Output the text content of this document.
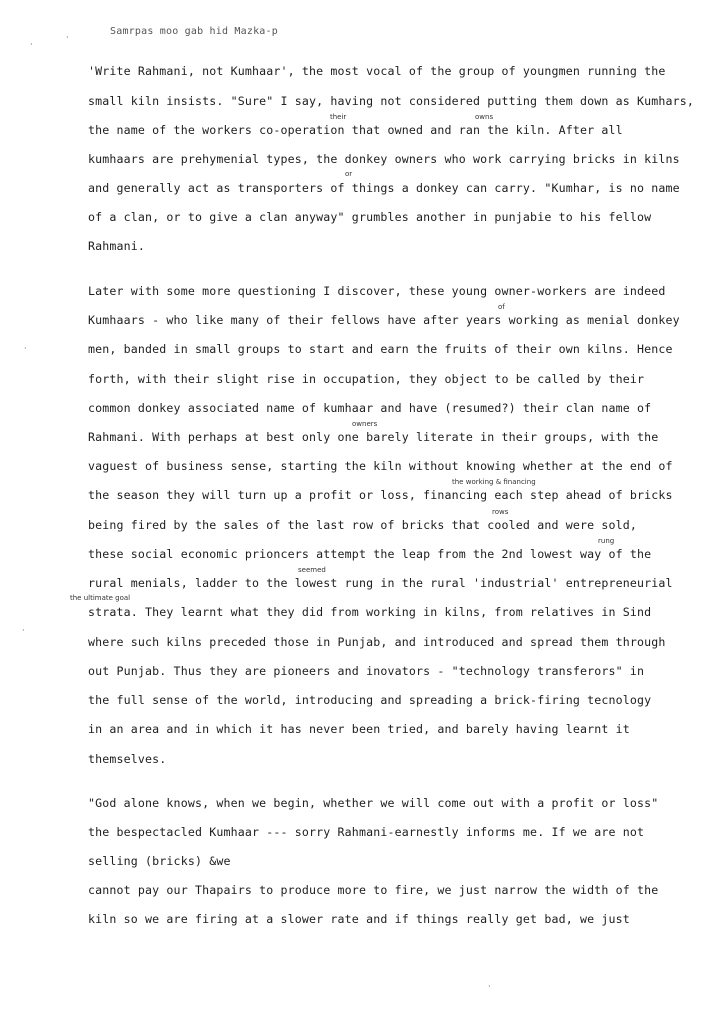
Samrpas moo gab hid Mazka-p
'Write Rahmani, not Kumhaar', the most vocal of the group of youngmen running the
small kiln insists. "Sure" I say, having not considered putting them down as Kumhars,
the name of the workers co-operation that owned and ran the kiln. After all
kumhaars are prehymenial types, the donkey owners who work carrying bricks in kilns
and generally act as transporters of things a donkey can carry. "Kumhar, is no name
of a clan, or to give a clan anyway" grumbles another in punjabie to his fellow
Rahmani.
Later with some more questioning I discover, these young owner-workers are indeed
Kumhaars - who like many of their fellows have after years working as menial donkey
men, banded in small groups to start and earn the fruits of their own kilns. Hence
forth, with their slight rise in occupation, they object to be called by their
common donkey associated name of kumhaar and have (resumed?) their clan name of
Rahmani. With perhaps at best only one barely literate in their groups, with the
vaguest of business sense, starting the kiln without knowing whether at the end of
the season they will turn up a profit or loss, financing each step ahead of bricks
being fired by the sales of the last row of bricks that cooled and were sold,
these social economic prioncers attempt the leap from the 2nd lowest way of the
rural menials, ladder to the lowest rung in the rural 'industrial' entrepreneurial
strata. They learnt what they did from working in kilns, from relatives in Sind
where such kilns preceded those in Punjab, and introduced and spread them through
out Punjab. Thus they are pioneers and inovators - "technology transferors" in
the full sense of the world, introducing and spreading a brick-firing tecnology
in an area and in which it has never been tried, and barely having learnt it
themselves.
"God alone knows, when we begin, whether we will come out with a profit or loss"
the bespectacled Kumhaar --- sorry Rahmani-earnestly informs me. If we are not
selling (bricks) &we
cannot pay our Thapairs to produce more to fire, we just narrow the width of the
kiln so we are firing at a slower rate and if things really get bad, we just
their	owns
or
of
owners
the working & financing
rows
rung
seemed
the ultimate goal
·
·
·
·
·
